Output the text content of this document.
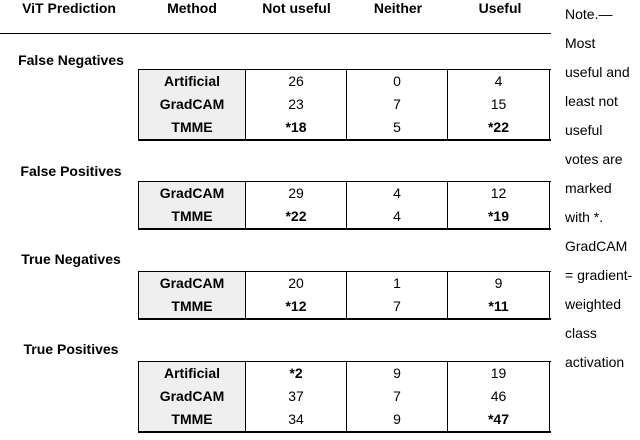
ViT Prediction	Method	Not useful	Neither	Useful
False Negatives
Artificial	26	0	4
GradCAM	23	7	15
TMME	*18	5	*22
False Positives
GradCAM	29	4	12
TMME	*22	4	*19
True Negatives
GradCAM	20	1	9
TMME	*12	7	*11
True Positives
Artificial	*2	9	19
GradCAM	37	7	46
TMME	34	9	*47
Note.—
Most
useful and
least not
useful
votes are
marked
with *.
GradCAM
= gradient-
weighted
class
activation
